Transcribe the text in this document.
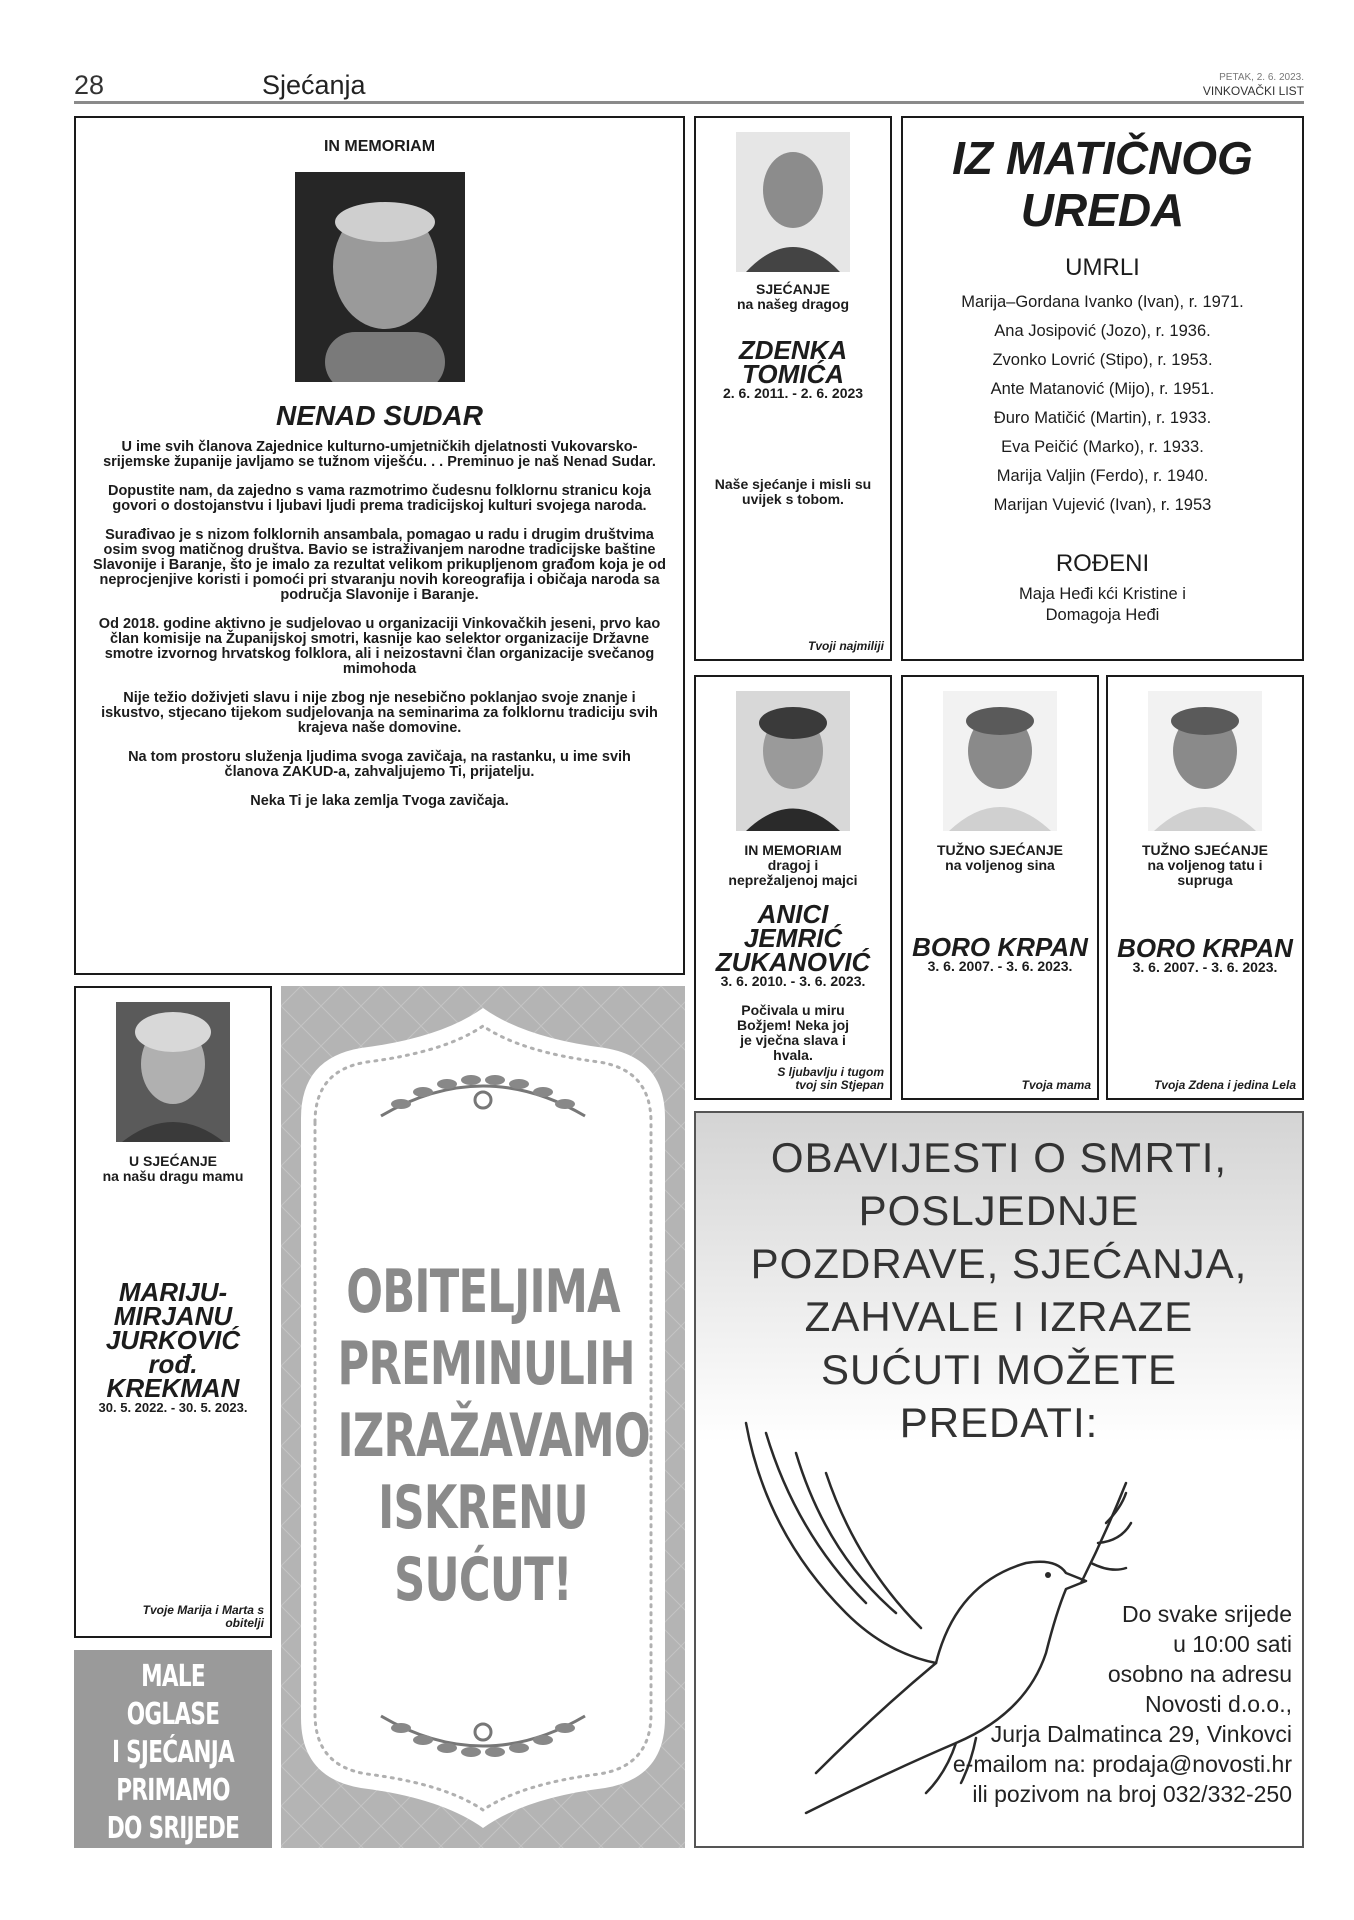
28	Sjećanja	PETAK, 2. 6. 2023.
VINKOVAČKI LIST
IN MEMORIAM
NENAD SUDAR

U ime svih članova Zajednice kulturno-umjetničkih djelatnosti Vukovarsko-srijemske županije javljamo se tužnom viješću. . . Preminuo je naš Nenad Sudar.

Dopustite nam, da zajedno s vama razmotrimo čudesnu folklornu stranicu koja govori o dostojanstvu i ljubavi ljudi prema tradicijskoj kulturi svojega naroda.

Surađivao je s nizom folklornih ansambala, pomagao u radu i drugim društvima osim svog matičnog društva. Bavio se istraživanjem narodne tradicijske baštine Slavonije i Baranje, što je imalo za rezultat velikom prikupljenom građom koja je od neprocjenjive koristi i pomoći pri stvaranju novih koreografija i običaja naroda sa područja Slavonije i Baranje.

Od 2018. godine aktivno je sudjelovao u organizaciji Vinkovačkih jeseni, prvo kao član komisije na Županijskoj smotri, kasnije kao selektor organizacije Državne smotre izvornog hrvatskog folklora, ali i neizostavni član organizacije svečanog mimohoda

Nije težio doživjeti slavu i nije zbog nje nesebično poklanjao svoje znanje i iskustvo, stjecano tijekom sudjelovanja na seminarima za folklornu tradiciju svih krajeva naše domovine.

Na tom prostoru služenja ljudima svoga zavičaja, na rastanku, u ime svih članova ZAKUD-a, zahvaljujemo Ti, prijatelju.

Neka Ti je laka zemlja Tvoga zavičaja.

SJEĆANJE
na našeg dragog
ZDENKA TOMIĆA
2. 6. 2011. - 2. 6. 2023
Naše sjećanje i misli su uvijek s tobom.
Tvoji najmiliji
IZ MATIČNOG UREDA
UMRLI
Marija–Gordana Ivanko (Ivan), r. 1971.
Ana Josipović (Jozo), r. 1936.
Zvonko Lovrić (Stipo), r. 1953.
Ante Matanović (Mijo), r. 1951.
Đuro Matičić (Martin), r. 1933.
Eva Peičić (Marko), r. 1933.
Marija Valjin (Ferdo), r. 1940.
Marijan Vujević (Ivan), r. 1953
ROĐENI
Maja Heđi kći Kristine i Domagoja Heđi
IN MEMORIAM
dragoj i neprežaljenoj majci
ANICI JEMRIĆ ZUKANOVIĆ
3. 6. 2010. - 3. 6. 2023.
Počivala u miru Božjem! Neka joj je vječna slava i hvala.
S ljubavlju i tugom tvoj sin Stjepan
TUŽNO SJEĆANJE
na voljenog sina
BORO KRPAN
3. 6. 2007. - 3. 6. 2023.
Tvoja mama
TUŽNO SJEĆANJE
na voljenog tatu i supruga
BORO KRPAN
3. 6. 2007. - 3. 6. 2023.
Tvoja Zdena i jedina Lela
U SJEĆANJE
na našu dragu mamu
MARIJU-MIRJANU JURKOVIĆ rođ. KREKMAN
30. 5. 2022. - 30. 5. 2023.
Tvoje Marija i Marta s obitelji
MALE OGLASE
I SJEĆANJA
PRIMAMO
DO SRIJEDE
U 10 SATI
OBITELJIMA
PREMINULIH
IZRAŽAVAMO
ISKRENU
SUĆUT!
OBAVIJESTI O SMRTI, POSLJEDNJE POZDRAVE, SJEĆANJA, ZAHVALE I IZRAZE SUĆUTI MOŽETE PREDATI:
Do svake srijede
u 10:00 sati
osobno na adresu
Novosti d.o.o.,
Jurja Dalmatinca 29, Vinkovci
e-mailom na: prodaja@novosti.hr
ili pozivom na broj 032/332-250
